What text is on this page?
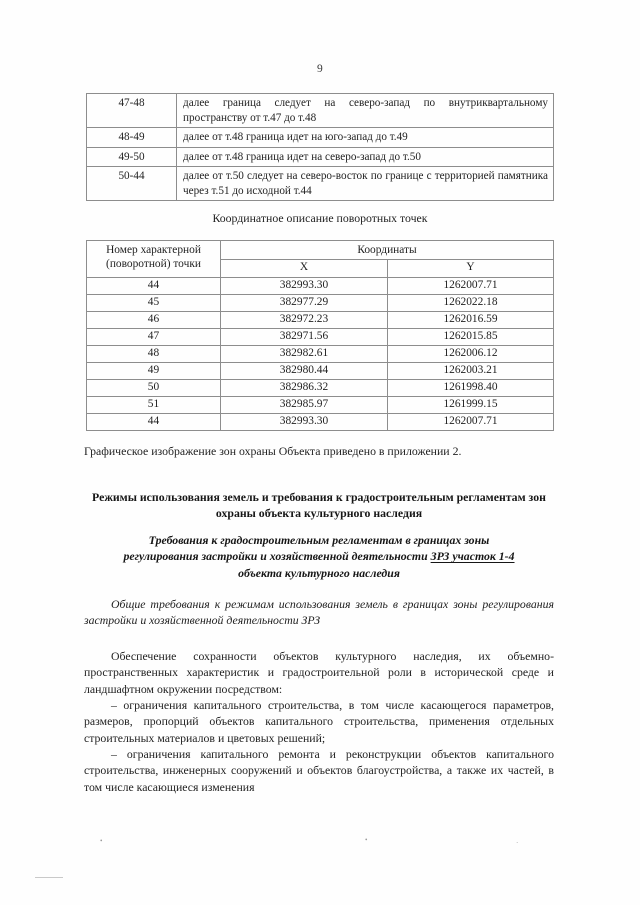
9
47-48	далее граница следует на северо-запад по внутриквартальному пространству от т.47 до т.48
48-49	далее от т.48 граница идет на юго-запад до т.49
49-50	далее от т.48 граница идет на северо-запад до т.50
50-44	далее от т.50 следует на северо-восток по границе с территорией памятника через т.51 до исходной т.44
Координатное описание поворотных точек
Номер характерной (поворотной) точки	Координаты	
	X	Y
44	382993.30	1262007.71
45	382977.29	1262022.18
46	382972.23	1262016.59
47	382971.56	1262015.85
48	382982.61	1262006.12
49	382980.44	1262003.21
50	382986.32	1261998.40
51	382985.97	1261999.15
44	382993.30	1262007.71
Графическое изображение зон охраны Объекта приведено в приложении 2.
Режимы использования земель и требования к градостроительным регламентам зон охраны объекта культурного наследия
Требования к градостроительным регламентам в границах зоны
регулирования застройки и хозяйственной деятельности ЗРЗ участок 1-4
объекта культурного наследия

Общие требования к режимам использования земель в границах зоны регулирования застройки и хозяйственной деятельности ЗРЗ

Обеспечение сохранности объектов культурного наследия, их объемно-пространственных характеристик и градостроительной роли в исторической среде и ландшафтном окружении посредством:

– ограничения капитального строительства, в том числе касающегося параметров, размеров, пропорций объектов капитального строительства, применения отдельных строительных материалов и цветовых решений;

– ограничения капитального ремонта и реконструкции объектов капитального строительства, инженерных сооружений и объектов благоустройства, а также их частей, в том числе касающиеся изменения

•	•	·
